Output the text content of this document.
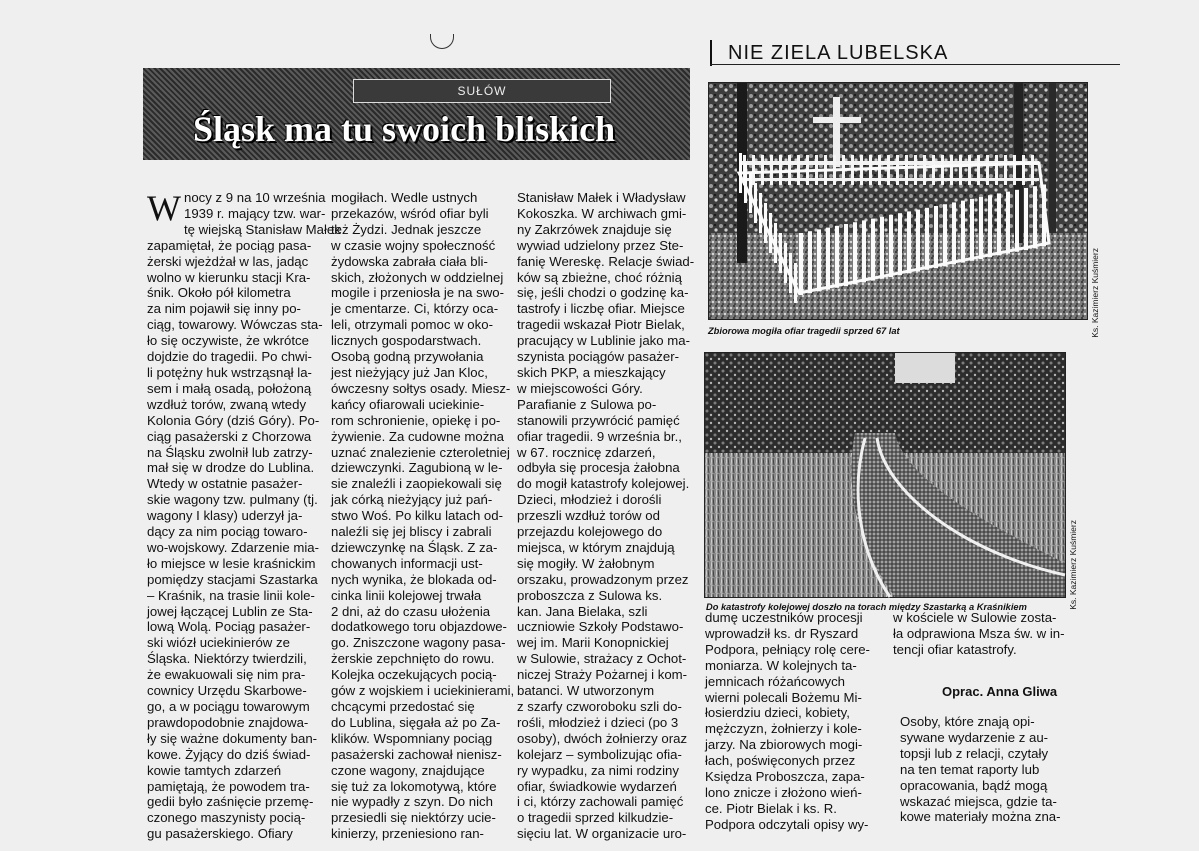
NIE ZIELA LUBELSKA
SUŁÓW
Śląsk ma tu swoich bliskich
W nocy z 9 na 10 września
1939 r. mający tzw. war-
tę wiejską Stanisław Małek
zapamiętał, że pociąg pasa-
żerski wjeżdżał w las, jadąc
wolno w kierunku stacji Kra-
śnik. Około pół kilometra
za nim pojawił się inny po-
ciąg, towarowy. Wówczas sta-
ło się oczywiste, że wkrótce
dojdzie do tragedii. Po chwi-
li potężny huk wstrząsnął la-
sem i małą osadą, położoną
wzdłuż torów, zwaną wtedy
Kolonia Góry (dziś Góry). Po-
ciąg pasażerski z Chorzowa
na Śląsku zwolnił lub zatrzy-
mał się w drodze do Lublina.
Wtedy w ostatnie pasażer-
skie wagony tzw. pulmany (tj.
wagony I klasy) uderzył ja-
dący za nim pociąg towaro-
wo-wojskowy. Zdarzenie mia-
ło miejsce w lesie kraśnickim
pomiędzy stacjami Szastarka
– Kraśnik, na trasie linii kole-
jowej łączącej Lublin ze Sta-
lową Wolą. Pociąg pasażer-
ski wiózł uciekinierów ze
Śląska. Niektórzy twierdzili,
że ewakuowali się nim pra-
cownicy Urzędu Skarbowe-
go, a w pociągu towarowym
prawdopodobnie znajdowa-
ły się ważne dokumenty ban-
kowe. Żyjący do dziś świad-
kowie tamtych zdarzeń
pamiętają, że powodem tra-
gedii było zaśnięcie przemę-
czonego maszynisty pocią-
gu pasażerskiego. Ofiary
mogiłach. Wedle ustnych
przekazów, wśród ofiar byli
też Żydzi. Jednak jeszcze
w czasie wojny społeczność
żydowska zabrała ciała bli-
skich, złożonych w oddzielnej
mogile i przeniosła je na swo-
je cmentarze. Ci, którzy oca-
leli, otrzymali pomoc w oko-
licznych gospodarstwach.
Osobą godną przywołania
jest nieżyjący już Jan Kloc,
ówczesny sołtys osady. Miesz-
kańcy ofiarowali uciekinie-
rom schronienie, opiekę i po-
żywienie. Za cudowne można
uznać znalezienie czteroletniej
dziewczynki. Zagubioną w le-
sie znaleźli i zaopiekowali się
jak córką nieżyjący już pań-
stwo Woś. Po kilku latach od-
naleźli się jej bliscy i zabrali
dziewczynkę na Śląsk. Z za-
chowanych informacji ust-
nych wynika, że blokada od-
cinka linii kolejowej trwała
2 dni, aż do czasu ułożenia
dodatkowego toru objazdowe-
go. Zniszczone wagony pasa-
żerskie zepchnięto do rowu.
Kolejka oczekujących pocią-
gów z wojskiem i uciekinierami,
chcącymi przedostać się
do Lublina, sięgała aż po Za-
klików. Wspomniany pociąg
pasażerski zachował nienisz-
czone wagony, znajdujące
się tuż za lokomotywą, które
nie wypadły z szyn. Do nich
przesiedli się niektórzy ucie-
kinierzy, przeniesiono ran-
Stanisław Małek i Władysław
Kokoszka. W archiwach gmi-
ny Zakrzówek znajduje się
wywiad udzielony przez Ste-
fanię Wereskę. Relacje świad-
ków są zbieżne, choć różnią
się, jeśli chodzi o godzinę ka-
tastrofy i liczbę ofiar. Miejsce
tragedii wskazał Piotr Bielak,
pracujący w Lublinie jako ma-
szynista pociągów pasażer-
skich PKP, a mieszkający
w miejscowości Góry.
Parafianie z Sulowa po-
stanowili przywrócić pamięć
ofiar tragedii. 9 września br.,
w 67. rocznicę zdarzeń,
odbyła się procesja żałobna
do mogił katastrofy kolejowej.
Dzieci, młodzież i dorośli
przeszli wzdłuż torów od
przejazdu kolejowego do
miejsca, w którym znajdują
się mogiły. W żałobnym
orszaku, prowadzonym przez
proboszcza z Sulowa ks.
kan. Jana Bielaka, szli
uczniowie Szkoły Podstawo-
wej im. Marii Konopnickiej
w Sulowie, strażacy z Ochot-
niczej Straży Pożarnej i kom-
batanci. W utworzonym
z szarfy czworoboku szli do-
rośli, młodzież i dzieci (po 3
osoby), dwóch żołnierzy oraz
kolejarz – symbolizując ofia-
ry wypadku, za nimi rodziny
ofiar, świadkowie wydarzeń
i ci, którzy zachowali pamięć
o tragedii sprzed kilkudzie-
sięciu lat. W organizacie uro-
dumę uczestników procesji
wprowadził ks. dr Ryszard
Podpora, pełniący rolę cere-
moniarza. W kolejnych ta-
jemnicach różańcowych
wierni polecali Bożemu Mi-
łosierdziu dzieci, kobiety,
mężczyzn, żołnierzy i kole-
jarzy. Na zbiorowych mogi-
łach, poświęconych przez
Księdza Proboszcza, zapa-
lono znicze i złożono wień-
ce. Piotr Bielak i ks. R.
Podpora odczytali opisy wy-
w kościele w Sulowie zosta-
ła odprawiona Msza św. w in-
tencji ofiar katastrofy.
Oprac. Anna Gliwa
Osoby, które znają opi-
sywane wydarzenie z au-
topsji lub z relacji, czytały
na ten temat raporty lub
opracowania, bądź mogą
wskazać miejsca, gdzie ta-
kowe materiały można zna-
Zbiorowa mogiła ofiar tragedii sprzed 67 lat	Ks. Kazimierz Kuśmierz
Do katastrofy kolejowej doszło na torach między Szastarką a Kraśnikiem	Ks. Kazimierz Kuśmierz
